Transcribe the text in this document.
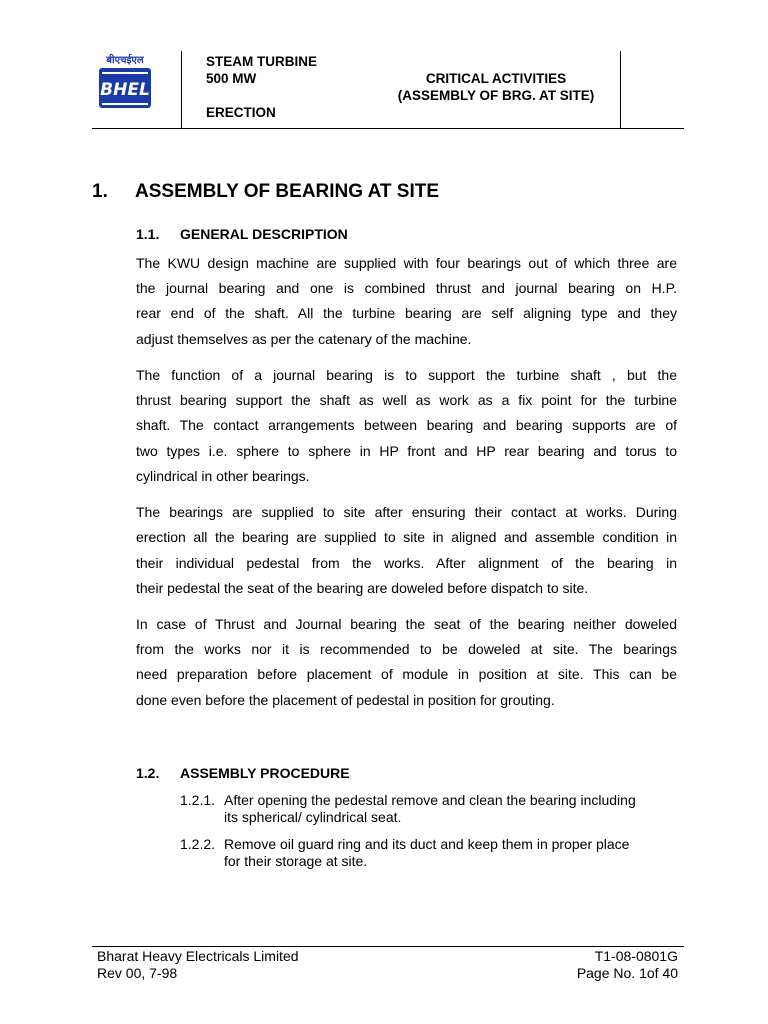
बीएचईएल
BHEL
STEAM TURBINE
500 MW
ERECTION
CRITICAL ACTIVITIES
(ASSEMBLY OF BRG. AT SITE)
1. ASSEMBLY OF BEARING AT SITE
1.1. GENERAL DESCRIPTION
The KWU design machine are supplied with four bearings out of which three are
the journal bearing and one is combined thrust and journal bearing on H.P.
rear end of the shaft. All the turbine bearing are self aligning type and they
adjust themselves as per the catenary of the machine.
The function of a journal bearing is to support the turbine shaft , but the
thrust bearing support the shaft as well as work as a fix point for the turbine
shaft. The contact arrangements between bearing and bearing supports are of
two types i.e. sphere to sphere in HP front and HP rear bearing and torus to
cylindrical in other bearings.
The bearings are supplied to site after ensuring their contact at works. During
erection all the bearing are supplied to site in aligned and assemble condition in
their individual pedestal from the works. After alignment of the bearing in
their pedestal the seat of the bearing are doweled before dispatch to site.
In case of Thrust and Journal bearing the seat of the bearing neither doweled
from the works nor it is recommended to be doweled at site. The bearings
need preparation before placement of module in position at site. This can be
done even before the placement of pedestal in position for grouting.
1.2. ASSEMBLY PROCEDURE
1.2.1. After opening the pedestal remove and clean the bearing including
its spherical/ cylindrical seat.
1.2.2. Remove oil guard ring and its duct and keep them in proper place
for their storage at site.
Bharat Heavy Electricals Limited
Rev 00, 7-98
T1-08-0801G
Page No. 1of 40
